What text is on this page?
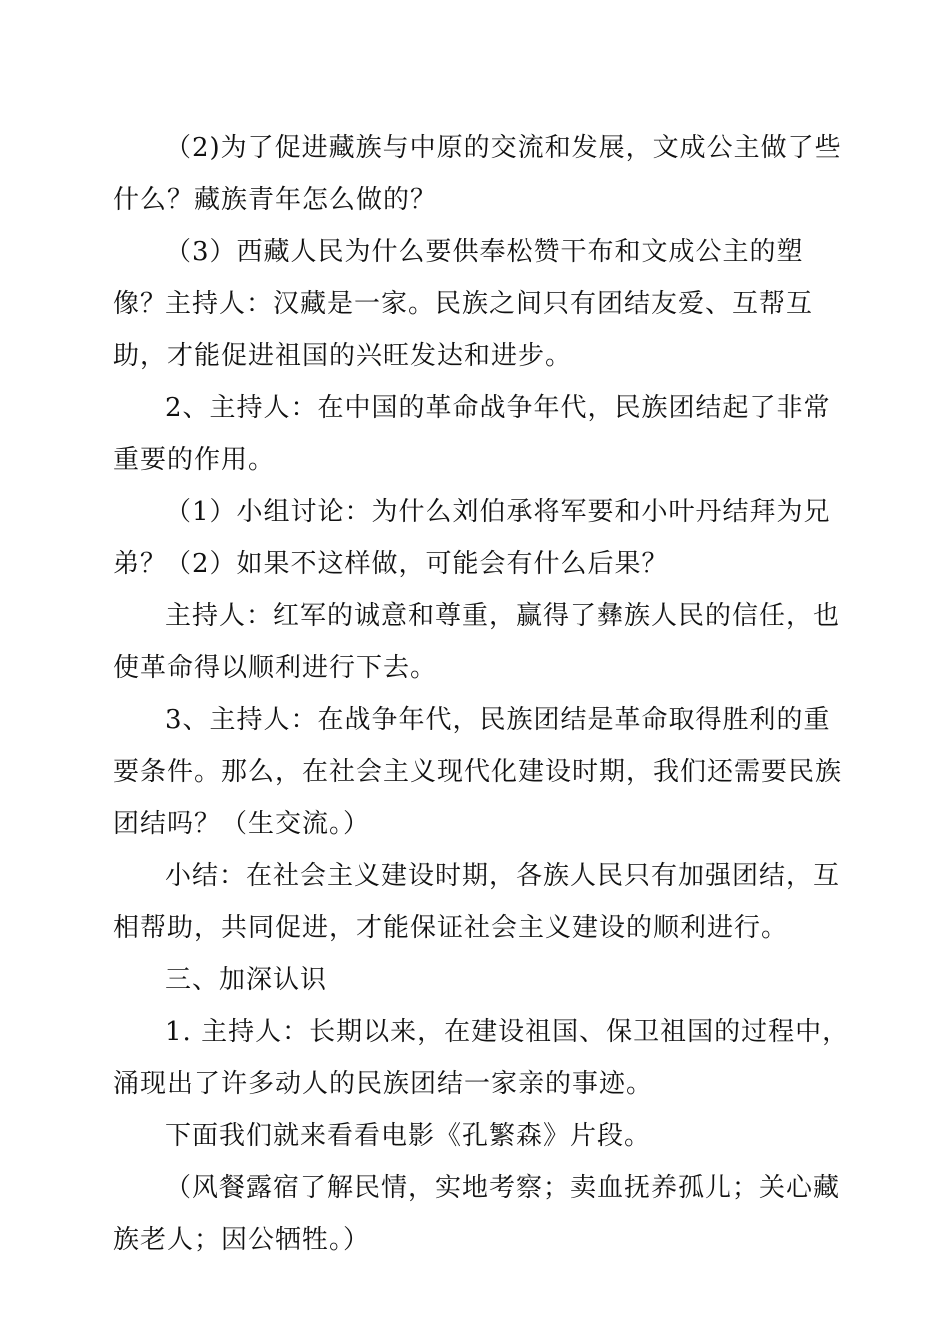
（2)为了促进藏族与中原的交流和发展，文成公主做了些什么？藏族青年怎么做的？
（3）西藏人民为什么要供奉松赞干布和文成公主的塑像？
主持人：汉藏是一家。民族之间只有团结友爱、互帮互助，才能促进祖国的兴旺发达和进步。
2、主持人：在中国的革命战争年代，民族团结起了非常重要的作用。
（1）小组讨论：为什么刘伯承将军要和小叶丹结拜为兄弟？
（2）如果不这样做，可能会有什么后果？
主持人：红军的诚意和尊重，赢得了彝族人民的信任，也使革命得以顺利进行下去。
3、主持人：在战争年代，民族团结是革命取得胜利的重要条件。那么，在社会主义现代化建设时期，我们还需要民族团结吗？（生交流。）
小结：在社会主义建设时期，各族人民只有加强团结，互相帮助，共同促进，才能保证社会主义建设的顺利进行。
三、加深认识
1. 主持人：长期以来，在建设祖国、保卫祖国的过程中，涌现出了许多动人的民族团结一家亲的事迹。
下面我们就来看看电影《孔繁森》片段。
（风餐露宿了解民情，实地考察；卖血抚养孤儿；关心藏族老人；因公牺牲。）
